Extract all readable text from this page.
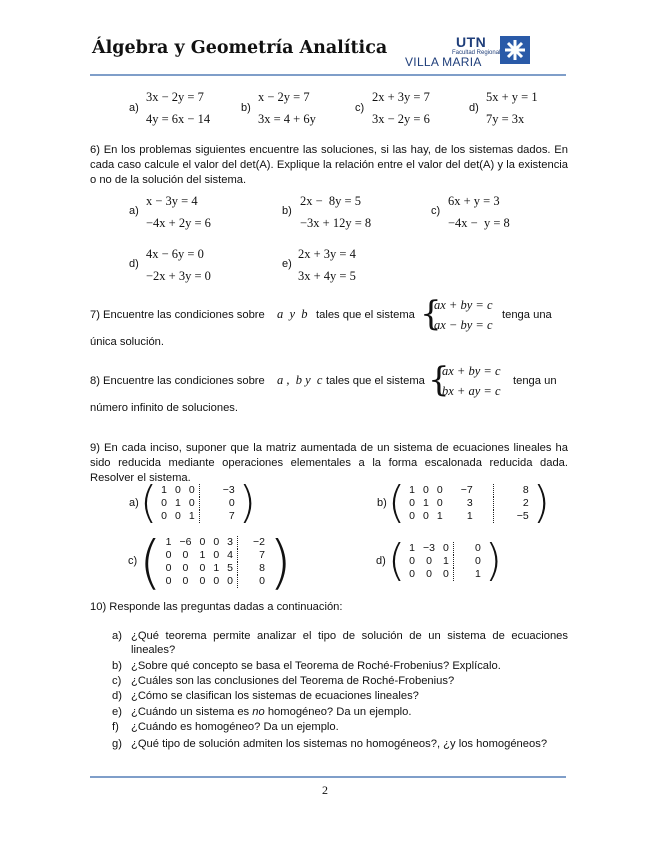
Álgebra y Geometría Analítica	UTN
Facultad Regional
VILLA MARIA
a)
3x − 2y = 7
4y = 6x − 14
b)
x − 2y = 7
3x = 4 + 6y
c)
2x + 3y = 7
3x − 2y = 6
d)
5x + y = 1
7y = 3x
6) En los problemas siguientes encuentre las soluciones, si las hay, de los sistemas dados. En cada caso calcule el valor del det(A). Explique la relación entre el valor del det(A) y la existencia o no de la solución del sistema.
a)
x − 3y = 4
−4x + 2y = 6
b)
2x −  8y = 5
−3x + 12y = 8
c)
6x + y = 3
−4x −  y = 8
d)
4x − 6y = 0
−2x + 3y = 0
e)
2x + 3y = 4
3x + 4y = 5
7) Encuentre las condiciones sobre a  y  b tales que el sistema {
ax + by = c
ax − by = c
tenga una
única solución.
8) Encuentre las condiciones sobre a ,  b y  c tales que el sistema {
ax + by = c
bx + ay = c
tenga un
número infinito de soluciones.
9) En cada inciso, suponer que la matriz aumentada de un sistema de ecuaciones lineales ha sido reducida mediante operaciones elementales a la forma escalonada reducida dada. Resolver el sistema.
a) ( 1	0	0		−3
0	1	0		0
0	0	1		7 )	b) ( 1	0	0	−7			8
0	1	0	3			2
0	0	1	1			−5 )
c) ( 1	−6	0	0	3		−2
0	0	1	0	4		7
0	0	0	1	5		8
0	0	0	0	0		0 )	d) ( 1	−3	0		0
0	0	1		0
0	0	0		1 )
10) Responde las preguntas dadas a continuación:
a) ¿Qué teorema permite analizar el tipo de solución de un sistema de ecuaciones lineales?
b) ¿Sobre qué concepto se basa el Teorema de Roché-Frobenius? Explícalo.
c) ¿Cuáles son las conclusiones del Teorema de Roché-Frobenius?
d) ¿Cómo se clasifican los sistemas de ecuaciones lineales?
e) ¿Cuándo un sistema es no homogéneo? Da un ejemplo.
f)	¿Cuándo es homogéneo? Da un ejemplo.
g) ¿Qué tipo de solución admiten los sistemas no homogéneos?, ¿y los homogéneos?
2
